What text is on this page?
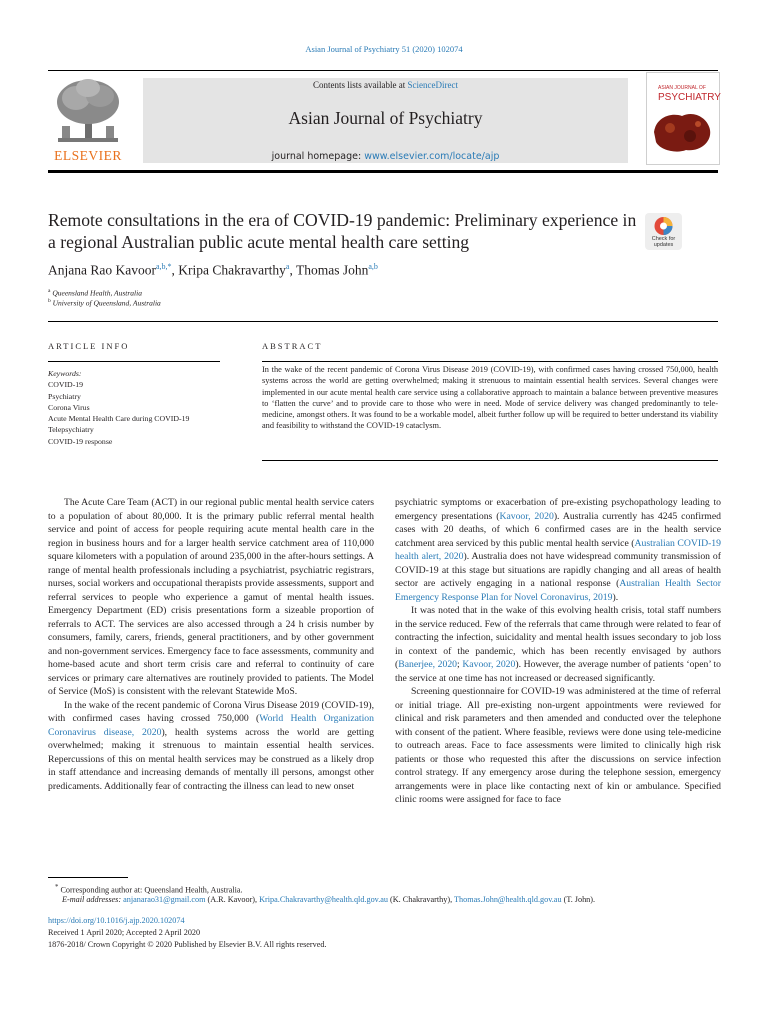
Asian Journal of Psychiatry 51 (2020) 102074
ELSEVIER
Contents lists available at ScienceDirect
Asian Journal of Psychiatry
journal homepage: www.elsevier.com/locate/ajp
ASIAN JOURNAL OF
PSYCHIATRY
Remote consultations in the era of COVID-19 pandemic: Preliminary experience in a regional Australian public acute mental health care setting	Check for updates
Anjana Rao Kavoor$^{a,b,*}$, Kripa Chakravarthy$^a$, Thomas John$^{a,b}$
$^a$ Queensland Health, Australia
$^b$ University of Queensland, Australia
ARTICLE INFO	ABSTRACT
Keywords:
COVID-19
Psychiatry
Corona Virus
Acute Mental Health Care during COVID-19
Telepsychiatry
COVID-19 response
In the wake of the recent pandemic of Corona Virus Disease 2019 (COVID-19), with confirmed cases having crossed 750,000, health systems across the world are getting overwhelmed; making it strenuous to maintain essential health services. Several changes were implemented in our acute mental health care service using a collaborative approach to maintain a balance between preventive measures to ‘flatten the curve’ and to provide care to those who were in need. Mode of service delivery was changed predominantly to tele-medicine, amongst others. It was found to be a workable model, albeit further follow up will be required to better understand its viability and feasibility to withstand the COVID-19 cataclysm.

The Acute Care Team (ACT) in our regional public mental health service caters to a population of about 80,000. It is the primary public referral mental health service and point of access for people requiring acute mental health care in the region in business hours and for a larger health service catchment area of 110,000 square kilometers with a population of around 235,000 in the after-hours settings. A range of mental health professionals including a psychiatrist, psychiatric registrars, nurses, social workers and occupational therapists provide assessments, support and referral services to people who experience a gamut of mental health issues. Emergency Department (ED) crisis presentations form a sizeable proportion of referrals to ACT. The services are also accessed through a 24 h crisis number by consumers, family, carers, friends, general practitioners, and by other government and non-government services. Emergency face to face assessments, community and home-based acute and short term crisis care and referral to continuity of care services or primary care alternatives are routinely provided to patients. The Model of Service (MoS) is consistent with the relevant Statewide MoS.

In the wake of the recent pandemic of Corona Virus Disease 2019 (COVID-19), with confirmed cases having crossed 750,000 (World Health Organization Coronavirus disease, 2020), health systems across the world are getting overwhelmed; making it strenuous to maintain essential health services. Repercussions of this on mental health services may be construed as a likely drop in staff attendance and increasing demands of mentally ill persons, amongst other predicaments. Additionally fear of contracting the illness can lead to new onset

psychiatric symptoms or exacerbation of pre-existing psychopathology leading to emergency presentations (Kavoor, 2020). Australia currently has 4245 confirmed cases with 20 deaths, of which 6 confirmed cases are in the health service catchment area serviced by this public mental health service (Australian COVID-19 health alert, 2020). Australia does not have widespread community transmission of COVID-19 at this stage but situations are rapidly changing and all areas of health sector are actively engaging in a national response (Australian Health Sector Emergency Response Plan for Novel Coronavirus, 2019).

It was noted that in the wake of this evolving health crisis, total staff numbers in the service reduced. Few of the referrals that came through were related to fear of contracting the infection, suicidality and mental health issues secondary to job loss in context of the pandemic, which has been recently envisaged by authors (Banerjee, 2020; Kavoor, 2020). However, the average number of patients ‘open’ to the service at one time has not increased or decreased significantly.

Screening questionnaire for COVID-19 was administered at the time of referral or initial triage. All pre-existing non-urgent appointments were reviewed for clinical and risk parameters and then amended and conducted over the telephone with consent of the patient. Where feasible, reviews were done using tele-medicine to outreach areas. Face to face assessments were limited to clinically high risk patients or those who requested this after the discussions on service infection control strategy. If any emergency arose during the telephone session, emergency arrangements were in place like contacting next of kin or ambulance. Specified clinic rooms were assigned for face to face

* Corresponding author at: Queensland Health, Australia.
E-mail addresses: anjanarao31@gmail.com (A.R. Kavoor), Kripa.Chakravarthy@health.qld.gov.au (K. Chakravarthy), Thomas.John@health.qld.gov.au (T. John).
https://doi.org/10.1016/j.ajp.2020.102074
Received 1 April 2020; Accepted 2 April 2020
1876-2018/ Crown Copyright © 2020 Published by Elsevier B.V. All rights reserved.
